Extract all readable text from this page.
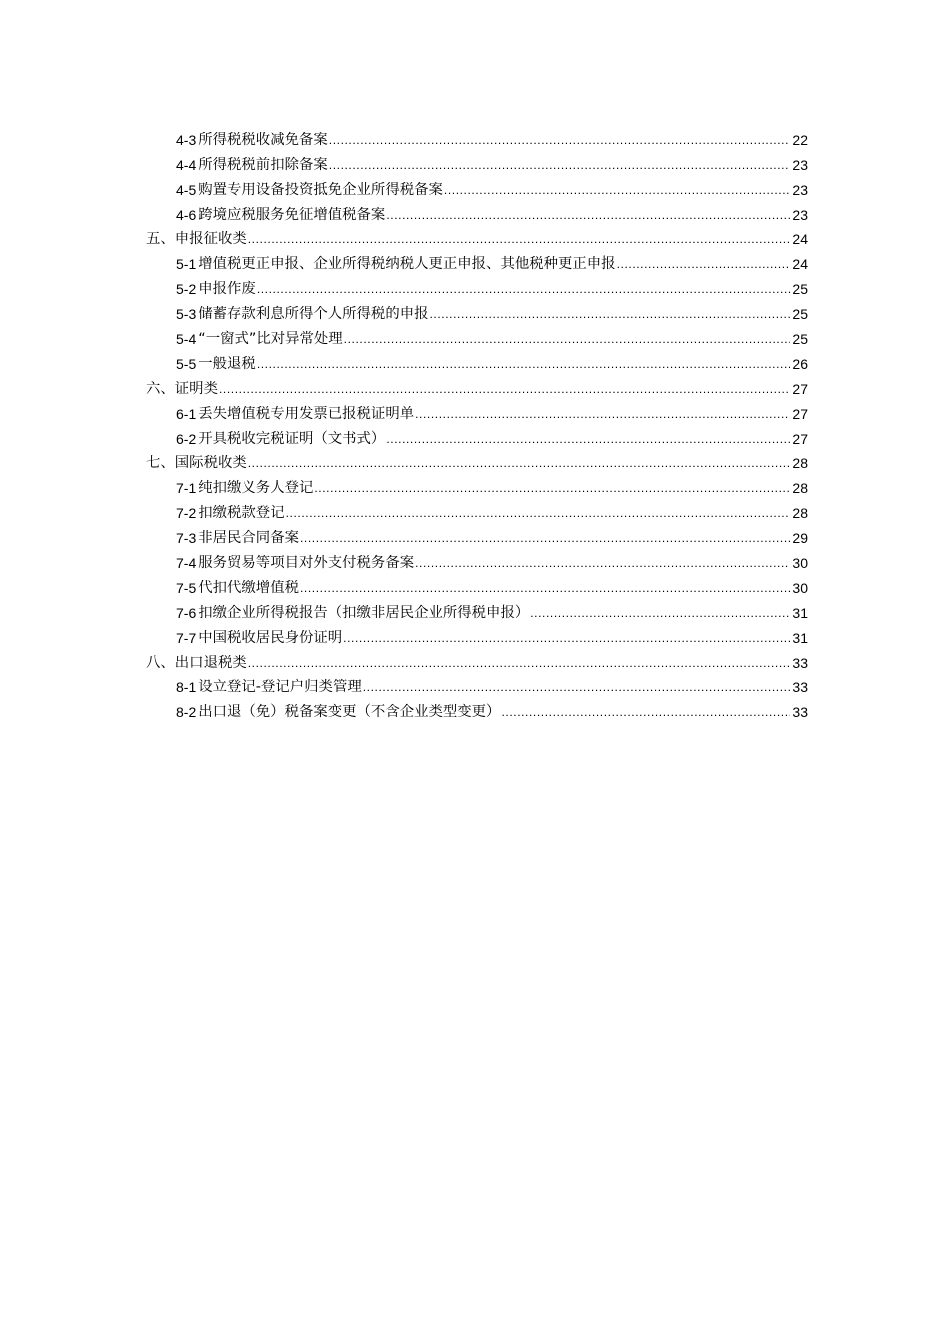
4-3 所得税税收减免备案 .....	22
4-4 所得税税前扣除备案 .....	23
4-5 购置专用设备投资抵免企业所得税备案 .....	23
4-6 跨境应税服务免征增值税备案 .....	23
五、申报征收类 .....	24
5-1 增值税更正申报、企业所得税纳税人更正申报、其他税种更正申报 .....	24
5-2 申报作废 .....	25
5-3 储蓄存款利息所得个人所得税的申报 .....	25
5-4 “一窗式”比对异常处理 .....	25
5-5 一般退税 .....	26
六、证明类 .....	27
6-1 丢失增值税专用发票已报税证明单 .....	27
6-2 开具税收完税证明（文书式） .....	27
七、国际税收类 .....	28
7-1 纯扣缴义务人登记 .....	28
7-2 扣缴税款登记 .....	28
7-3 非居民合同备案 .....	29
7-4 服务贸易等项目对外支付税务备案 .....	30
7-5 代扣代缴增值税 .....	30
7-6 扣缴企业所得税报告（扣缴非居民企业所得税申报） .....	31
7-7 中国税收居民身份证明 .....	31
八、出口退税类 .....	33
8-1 设立登记-登记户归类管理 .....	33
8-2 出口退（免）税备案变更（不含企业类型变更） .....	33
